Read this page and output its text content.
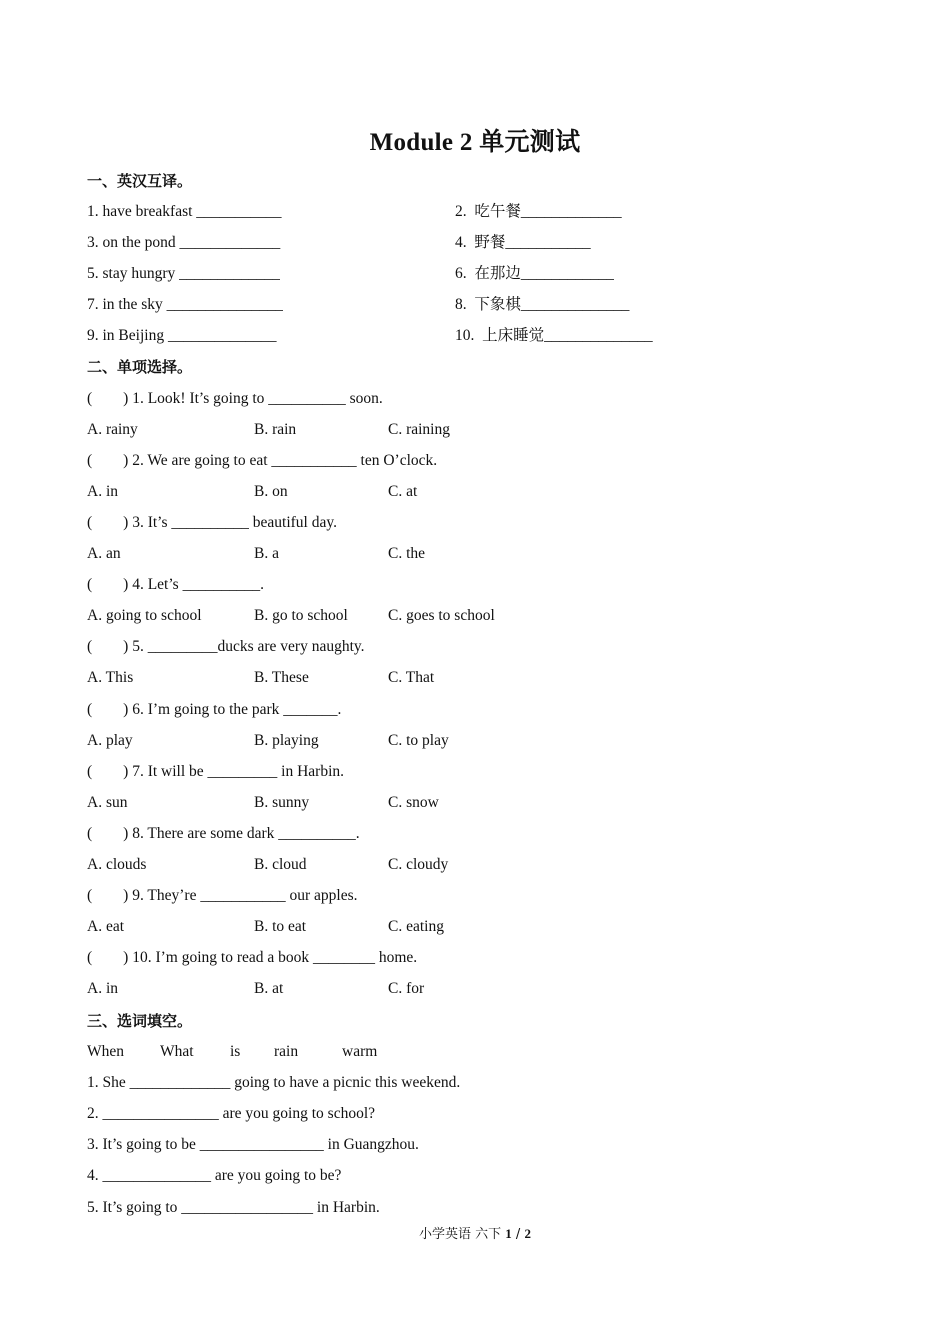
Module 2 单元测试
一、英汉互译。
1. have breakfast ___________	2.  吃午餐_____________
3. on the pond _____________	4.  野餐___________
5. stay hungry _____________	6.  在那边____________
7. in the sky _______________	8.  下象棋______________
9. in Beijing ______________	10.  上床睡觉______________
二、单项选择。
(        ) 1. Look! It’s going to __________ soon.
A. rainy	B. rain	C. raining
(        ) 2. We are going to eat ___________ ten O’clock.
A. in	B. on	C. at
(        ) 3. It’s __________ beautiful day.
A. an	B. a	C. the
(        ) 4. Let’s __________.
A. going to school	B. go to school	C. goes to school
(        ) 5. _________ducks are very naughty.
A. This	B. These	C. That
(        ) 6. I’m going to the park _______.
A. play	B. playing	C. to play
(        ) 7. It will be _________ in Harbin.
A. sun	B. sunny	C. snow
(        ) 8. There are some dark __________.
A. clouds	B. cloud	C. cloudy
(        ) 9. They’re ___________ our apples.
A. eat	B. to eat	C. eating
(        ) 10. I’m going to read a book ________ home.
A. in	B. at	C. for
三、选词填空。
When What is rain	warm
1. She _____________ going to have a picnic this weekend.
2. _______________ are you going to school?
3. It’s going to be ________________ in Guangzhou.
4. ______________ are you going to be?
5. It’s going to _________________ in Harbin.
小学英语 六下 1 / 2
